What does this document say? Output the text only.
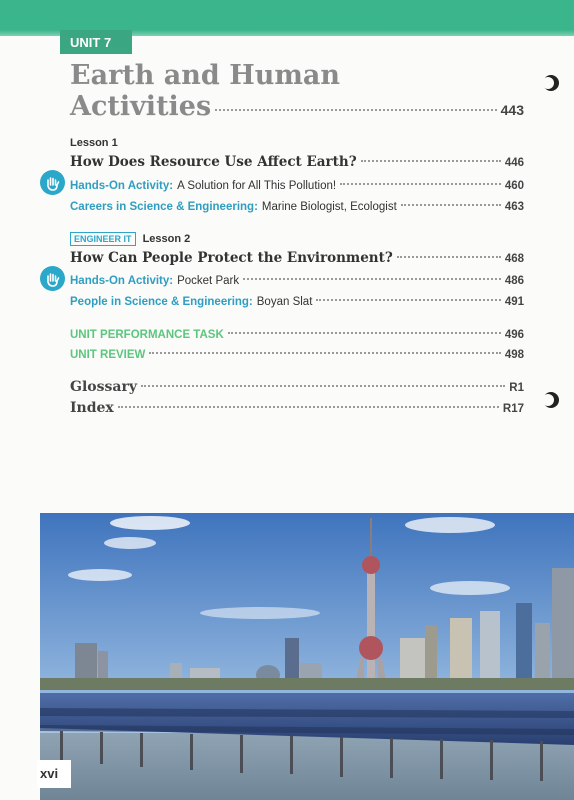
UNIT 7
Earth and Human
Activities	443
Lesson 1
How Does Resource Use Affect Earth?	446
Hands-On Activity: A Solution for All This Pollution!	460
Careers in Science & Engineering: Marine Biologist, Ecologist	463
ENGINEER IT Lesson 2
How Can People Protect the Environment?	468
Hands-On Activity: Pocket Park	486
People in Science & Engineering: Boyan Slat	491
UNIT PERFORMANCE TASK	496
UNIT REVIEW	498
Glossary	R1
Index	R17
xvi
